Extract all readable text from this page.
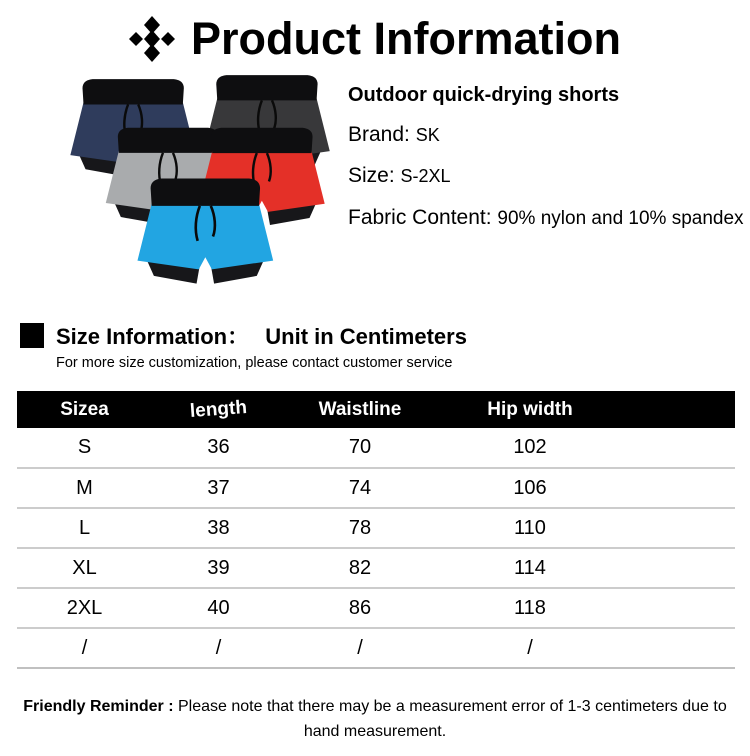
Product Information

Outdoor quick-drying shorts

Brand: SK
Size: S-2XL
Fabric Content: 90% nylon and 10% spandex
Size Information： Unit in Centimeters
For more size customization, please contact customer service
Sizea	length	Waistline	Hip width	
S	36	70	102	
M	37	74	106	
L	38	78	110	
XL	39	82	114	
2XL	40	86	118	
/	/	/	/	
Friendly Reminder : Please note that there may be a measurement error of 1-3 centimeters due to hand measurement.
